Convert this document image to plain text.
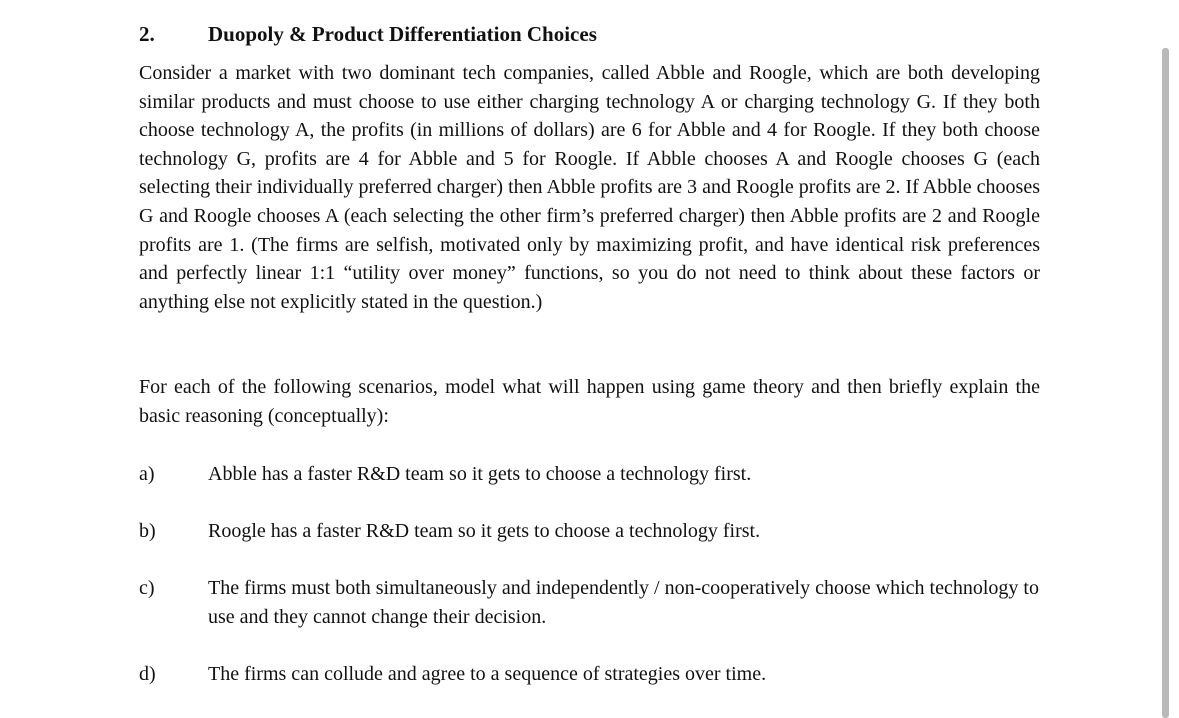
2.	Duopoly & Product Differentiation Choices

Consider a market with two dominant tech companies, called Abble and Roogle, which are both developing similar products and must choose to use either charging technology A or charging technology G. If they both choose technology A, the profits (in millions of dollars) are 6 for Abble and 4 for Roogle. If they both choose technology G, profits are 4 for Abble and 5 for Roogle. If Abble chooses A and Roogle chooses G (each selecting their individually preferred charger) then Abble profits are 3 and Roogle profits are 2. If Abble chooses G and Roogle chooses A (each selecting the other firm’s preferred charger) then Abble profits are 2 and Roogle profits are 1. (The firms are selfish, motivated only by maximizing profit, and have identical risk preferences and perfectly linear 1:1 “utility over money” functions, so you do not need to think about these factors or anything else not explicitly stated in the question.)

For each of the following scenarios, model what will happen using game theory and then briefly explain the basic reasoning (conceptually):

a)	Abble has a faster R&D team so it gets to choose a technology first.
b)	Roogle has a faster R&D team so it gets to choose a technology first.
c)	The firms must both simultaneously and independently / non-cooperatively choose which technology to use and they cannot change their decision.
d)	The firms can collude and agree to a sequence of strategies over time.
